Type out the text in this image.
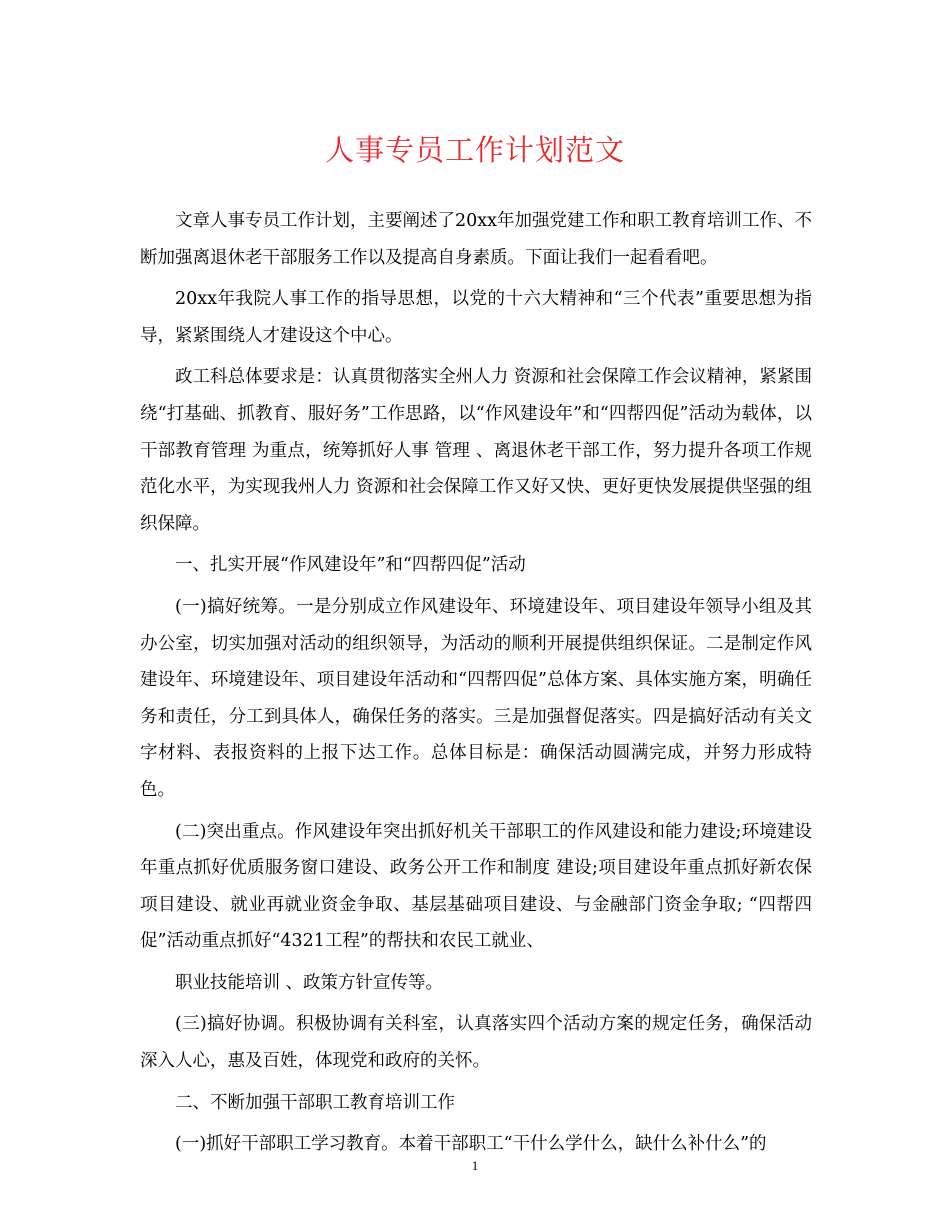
人事专员工作计划范文

文章人事专员工作计划，主要阐述了20xx年加强党建工作和职工教育培训工作、不断加强离退休老干部服务工作以及提高自身素质。下面让我们一起看看吧。

20xx年我院人事工作的指导思想，以党的十六大精神和“三个代表”重要思想为指导，紧紧围绕人才建设这个中心。

政工科总体要求是：认真贯彻落实全州人力 资源和社会保障工作会议精神，紧紧围绕“打基础、抓教育、服好务”工作思路，以“作风建设年”和“四帮四促”活动为载体，以干部教育管理 为重点，统筹抓好人事 管理 、离退休老干部工作，努力提升各项工作规范化水平，为实现我州人力 资源和社会保障工作又好又快、更好更快发展提供坚强的组织保障。

一、扎实开展“作风建设年”和“四帮四促”活动

(一)搞好统筹。一是分别成立作风建设年、环境建设年、项目建设年领导小组及其办公室，切实加强对活动的组织领导，为活动的顺利开展提供组织保证。二是制定作风建设年、环境建设年、项目建设年活动和“四帮四促”总体方案、具体实施方案，明确任务和责任，分工到具体人，确保任务的落实。三是加强督促落实。四是搞好活动有关文字材料、表报资料的上报下达工作。总体目标是：确保活动圆满完成，并努力形成特色。

(二)突出重点。作风建设年突出抓好机关干部职工的作风建设和能力建设;环境建设年重点抓好优质服务窗口建设、政务公开工作和制度 建设;项目建设年重点抓好新农保项目建设、就业再就业资金争取、基层基础项目建设、与金融部门资金争取; “四帮四促”活动重点抓好“4321工程”的帮扶和农民工就业、

职业技能培训 、政策方针宣传等。

(三)搞好协调。积极协调有关科室，认真落实四个活动方案的规定任务，确保活动深入人心，惠及百姓，体现党和政府的关怀。

二、不断加强干部职工教育培训工作

(一)抓好干部职工学习教育。本着干部职工“干什么学什么，缺什么补什么”的

1
